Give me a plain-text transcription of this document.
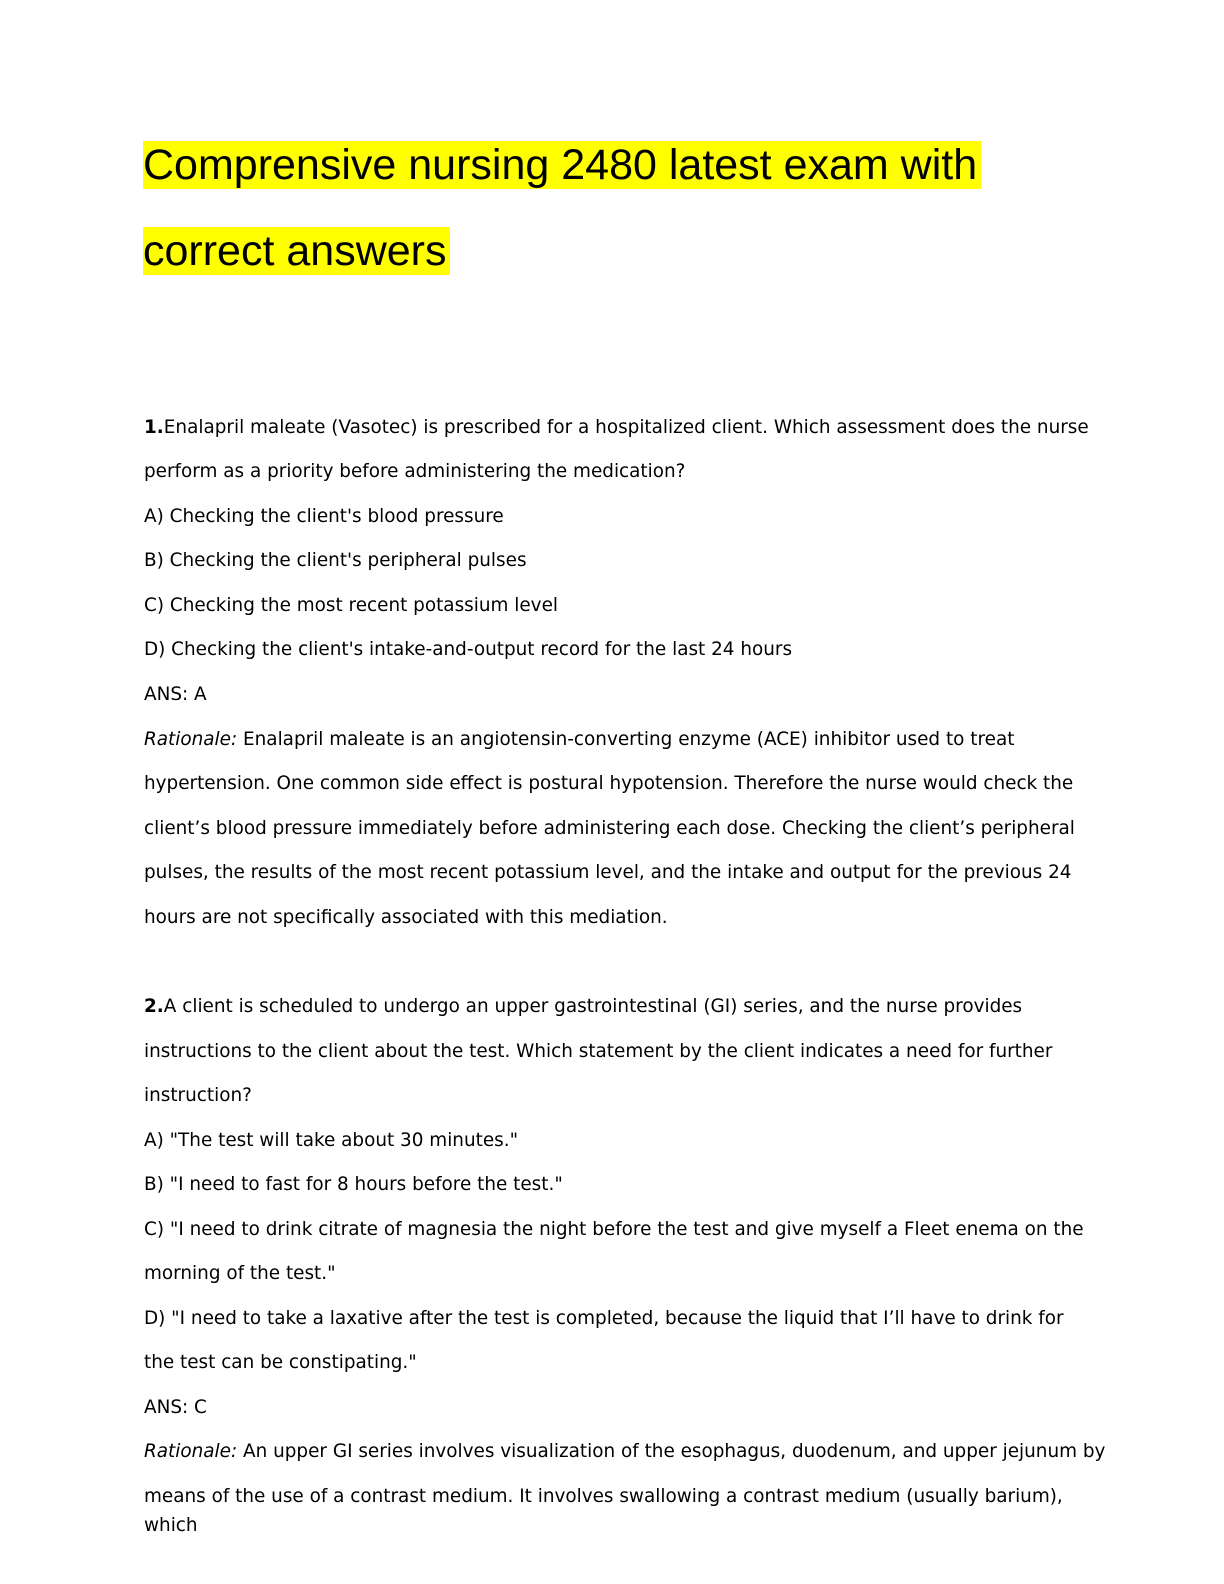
Comprensive nursing 2480 latest exam with
correct answers
1.Enalapril maleate (Vasotec) is prescribed for a hospitalized client. Which assessment does the nurse
perform as a priority before administering the medication?
A) Checking the client's blood pressure
B) Checking the client's peripheral pulses
C) Checking the most recent potassium level
D) Checking the client's intake-and-output record for the last 24 hours
ANS: A
Rationale: Enalapril maleate is an angiotensin-converting enzyme (ACE) inhibitor used to treat
hypertension. One common side effect is postural hypotension. Therefore the nurse would check the
client’s blood pressure immediately before administering each dose. Checking the client’s peripheral
pulses, the results of the most recent potassium level, and the intake and output for the previous 24
hours are not specifically associated with this mediation.
2.A client is scheduled to undergo an upper gastrointestinal (GI) series, and the nurse provides
instructions to the client about the test. Which statement by the client indicates a need for further
instruction?
A) "The test will take about 30 minutes."
B) "I need to fast for 8 hours before the test."
C) "I need to drink citrate of magnesia the night before the test and give myself a Fleet enema on the
morning of the test."
D) "I need to take a laxative after the test is completed, because the liquid that I’ll have to drink for
the test can be constipating."
ANS: C
Rationale: An upper GI series involves visualization of the esophagus, duodenum, and upper jejunum by
means of the use of a contrast medium. It involves swallowing a contrast medium (usually barium),
which
